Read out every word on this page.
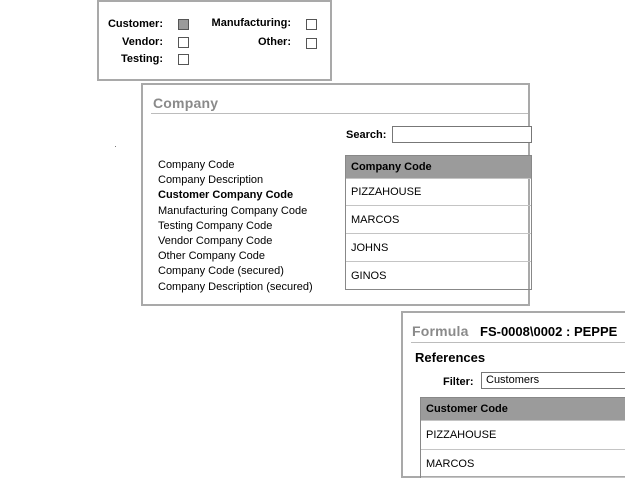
Customer:
Vendor:
Testing:
Manufacturing:
Other:
Company
Search:
Company Code
Company Description
Customer Company Code
Manufacturing Company Code
Testing Company Code
Vendor Company Code
Other Company Code
Company Code (secured)
Company Description (secured)
Company Code
PIZZAHOUSE
MARCOS
JOHNS
GINOS
Formula FS-0008\0002 : PEPPE
References
Filter:	Customers
Customer Code
PIZZAHOUSE
MARCOS
